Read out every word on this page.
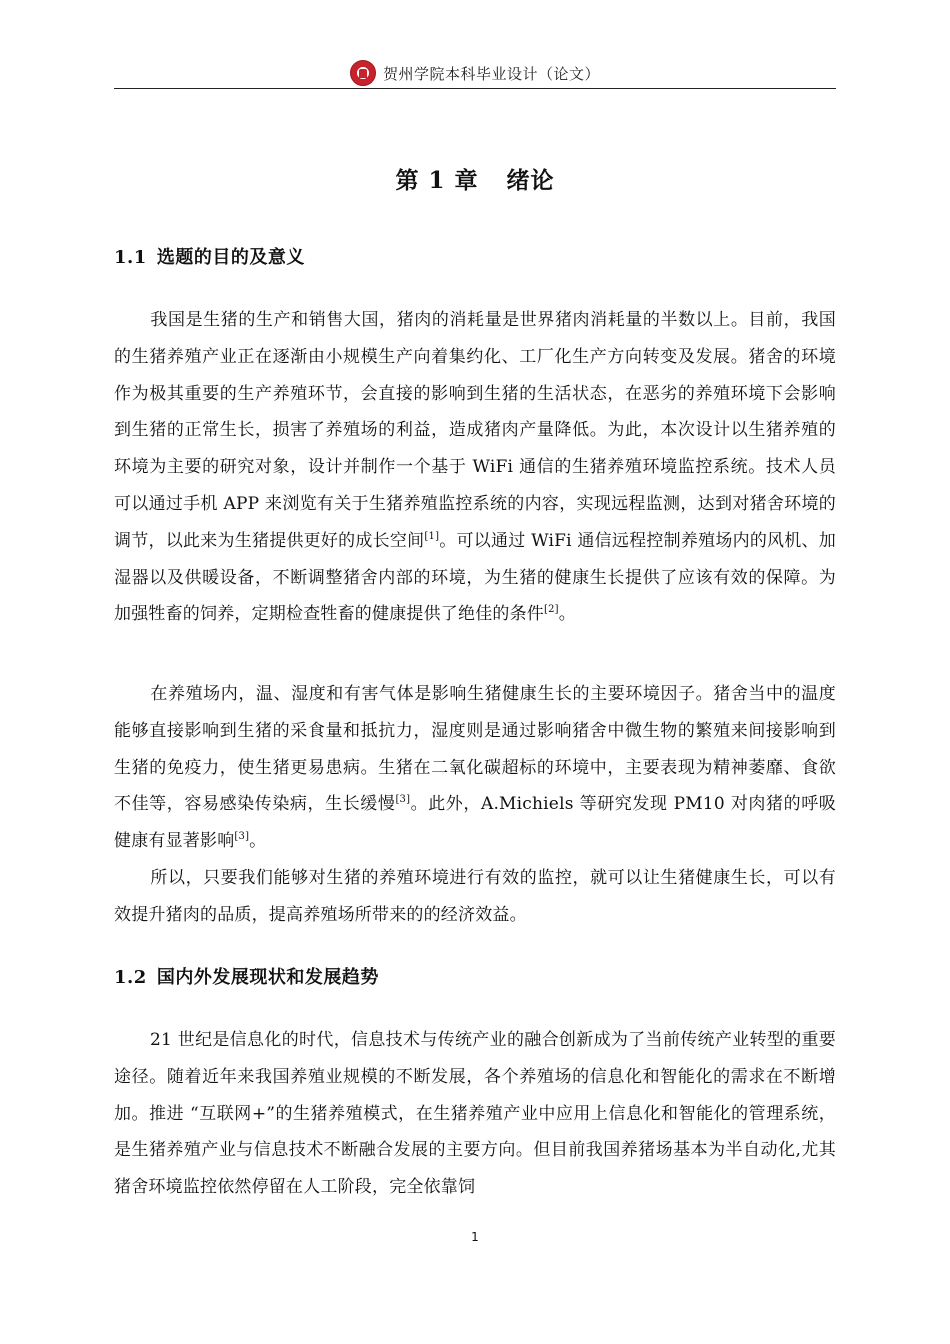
贺州学院本科毕业设计（论文）
第 1 章 绪论
1.1 选题的目的及意义
我国是生猪的生产和销售大国，猪肉的消耗量是世界猪肉消耗量的半数以上。目前，我国的生猪养殖产业正在逐渐由小规模生产向着集约化、工厂化生产方向转变及发展。猪舍的环境作为极其重要的生产养殖环节，会直接的影响到生猪的生活状态，在恶劣的养殖环境下会影响到生猪的正常生长，损害了养殖场的利益，造成猪肉产量降低。为此，本次设计以生猪养殖的环境为主要的研究对象，设计并制作一个基于 WiFi 通信的生猪养殖环境监控系统。技术人员可以通过手机 APP 来浏览有关于生猪养殖监控系统的内容，实现远程监测，达到对猪舍环境的调节，以此来为生猪提供更好的成长空间[1]。可以通过 WiFi 通信远程控制养殖场内的风机、加湿器以及供暖设备，不断调整猪舍内部的环境，为生猪的健康生长提供了应该有效的保障。为加强牲畜的饲养，定期检查牲畜的健康提供了绝佳的条件[2]。
在养殖场内，温、湿度和有害气体是影响生猪健康生长的主要环境因子。猪舍当中的温度能够直接影响到生猪的采食量和抵抗力，湿度则是通过影响猪舍中微生物的繁殖来间接影响到生猪的免疫力，使生猪更易患病。生猪在二氧化碳超标的环境中，主要表现为精神萎靡、食欲不佳等，容易感染传染病，生长缓慢[3]。此外，A.Michiels 等研究发现 PM10 对肉猪的呼吸健康有显著影响[3]。
所以，只要我们能够对生猪的养殖环境进行有效的监控，就可以让生猪健康生长，可以有效提升猪肉的品质，提高养殖场所带来的的经济效益。
1.2 国内外发展现状和发展趋势
21 世纪是信息化的时代，信息技术与传统产业的融合创新成为了当前传统产业转型的重要途径。随着近年来我国养殖业规模的不断发展，各个养殖场的信息化和智能化的需求在不断增加。推进 “互联网+”的生猪养殖模式，在生猪养殖产业中应用上信息化和智能化的管理系统，是生猪养殖产业与信息技术不断融合发展的主要方向。但目前我国养猪场基本为半自动化,尤其猪舍环境监控依然停留在人工阶段，完全依靠饲
1
